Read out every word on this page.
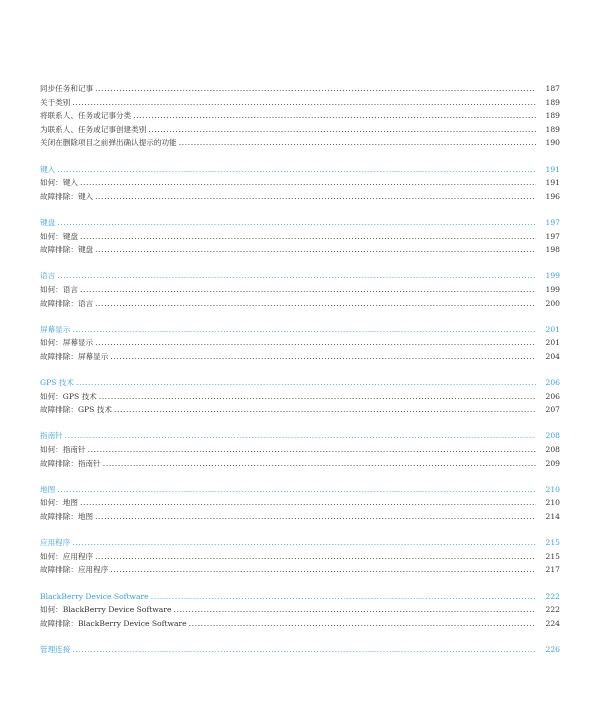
同步任务和记事 .....	187
关于类别 .....	189
将联系人、任务或记事分类 .....	189
为联系人、任务或记事创建类别 .....	189
关闭在删除项目之前弹出确认提示的功能 .....	190
键入 .....	191
如何：键入 .....	191
故障排除：键入 .....	196
键盘 .....	197
如何：键盘 .....	197
故障排除：键盘 .....	198
语言 .....	199
如何：语言 .....	199
故障排除：语言 .....	200
屏幕显示 .....	201
如何：屏幕显示 .....	201
故障排除：屏幕显示 .....	204
GPS 技术 .....	206
如何：GPS 技术 .....	206
故障排除：GPS 技术 .....	207
指南针 .....	208
如何：指南针 .....	208
故障排除：指南针 .....	209
地图 .....	210
如何：地图 .....	210
故障排除：地图 .....	214
应用程序 .....	215
如何：应用程序 .....	215
故障排除：应用程序 .....	217
BlackBerry Device Software .....	222
如何：BlackBerry Device Software .....	222
故障排除：BlackBerry Device Software .....	224
管理连接 .....	226
